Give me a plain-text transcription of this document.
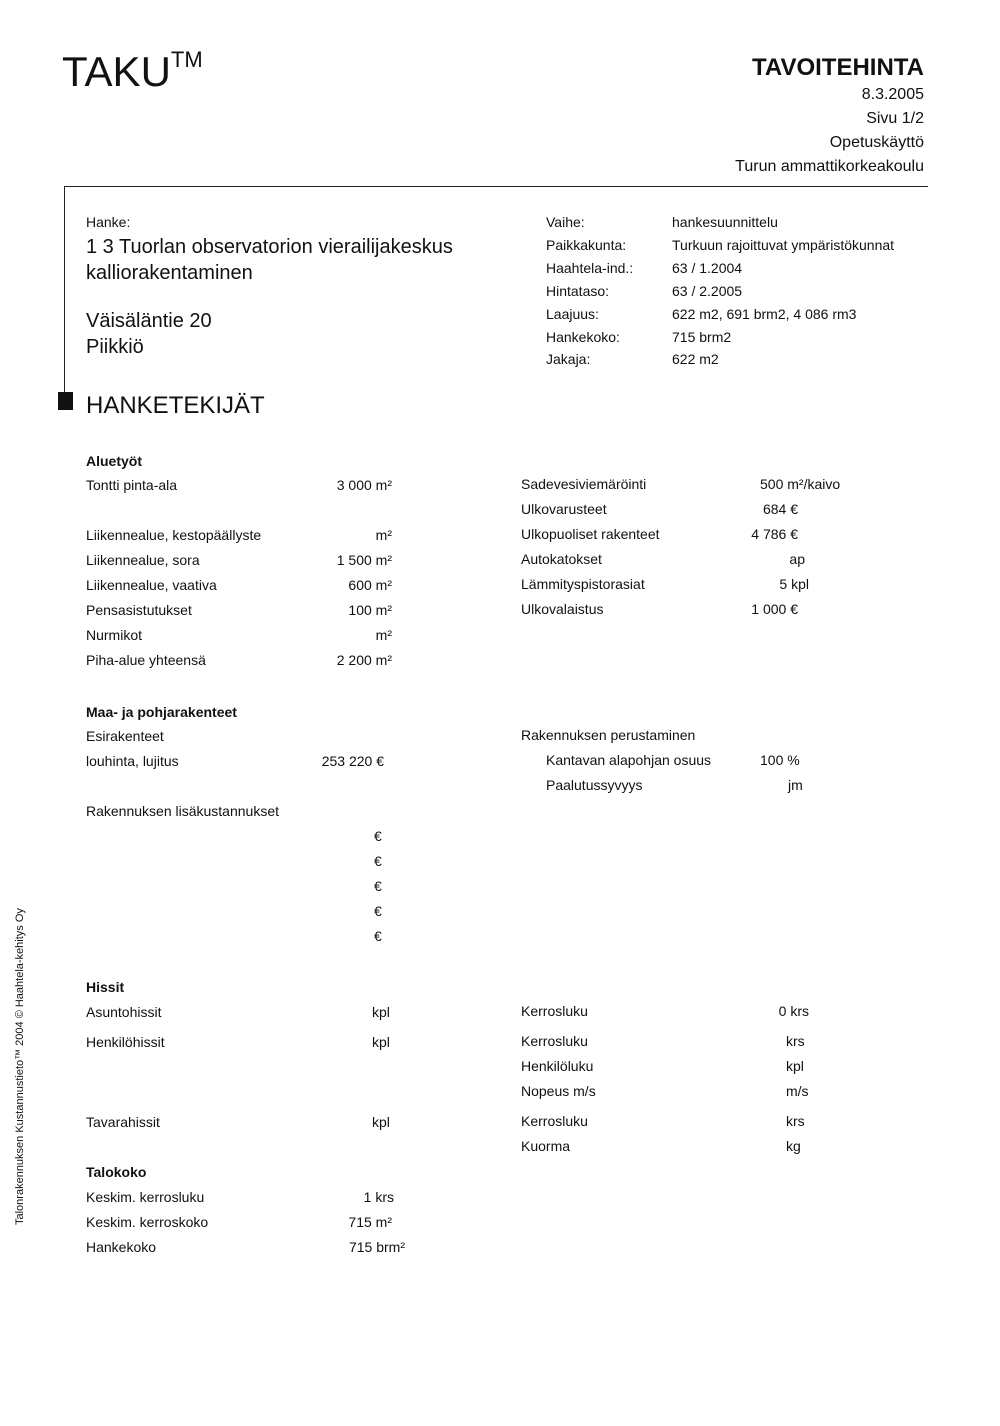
TAKU™	TAVOITEHINTA
8.3.2005
Sivu 1/2
Opetuskäyttö
Turun ammattikorkeakoulu
Hanke:
1 3 Tuorlan observatorion vierailijakeskus
kalliorakentaminen
Väisäläntie 20
Piikkiö
Vaihe:	hankesuunnittelu
Paikkakunta:	Turkuun rajoittuvat ympäristökunnat
Haahtela-ind.:	63 / 1.2004
Hintataso:	63 / 2.2005
Laajuus:	622 m2, 691 brm2, 4 086 rm3
Hankekoko:	715 brm2
Jakaja:	622 m2
HANKETEKIJÄT
Aluetyöt
Tontti pinta-ala	3 000 m²
Liikennealue, kestopäällyste	m²
Liikennealue, sora	1 500 m²
Liikennealue, vaativa	600 m²
Pensasistutukset	100 m²
Nurmikot	m²
Piha-alue yhteensä	2 200 m²
Sadevesiviemäröinti	500 m²/kaivo
Ulkovarusteet	684 €
Ulkopuoliset rakenteet	4 786 €
Autokatokset	ap
Lämmityspistorasiat	5 kpl
Ulkovalaistus	1 000 €
Maa- ja pohjarakenteet
Esirakenteet
louhinta, lujitus	253 220 €
Rakennuksen lisäkustannukset
€
€
€
€
€
Rakennuksen perustaminen
Kantavan alapohjan osuus	100 %
Paalutussyvyys	jm
Hissit
Asuntohissit	kpl	Kerrosluku	0 krs
Henkilöhissit	kpl	Kerrosluku	krs
Henkilöluku	kpl
Nopeus m/s	m/s
Tavarahissit	kpl	Kerrosluku	krs
Kuorma	kg
Talokoko
Keskim. kerrosluku	1 krs
Keskim. kerroskoko	715 m²
Hankekoko	715 brm²
Talonrakennuksen Kustannustieto™ 2004 © Haahtela-kehitys Oy
